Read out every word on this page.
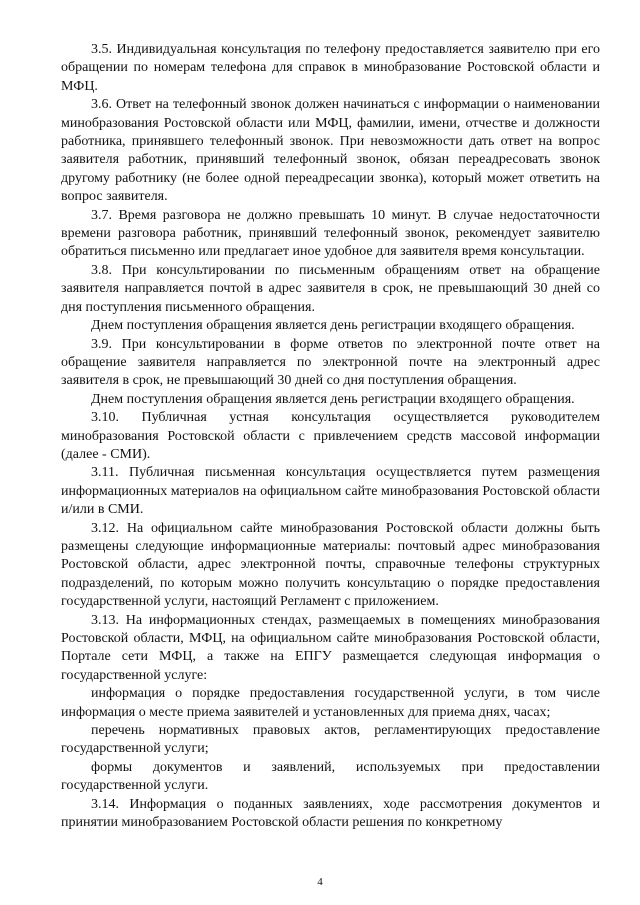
3.5. Индивидуальная консультация по телефону предоставляется заявителю при его обращении по номерам телефона для справок в минобразование Ростовской области и МФЦ.

3.6. Ответ на телефонный звонок должен начинаться с информации о наименовании минобразования Ростовской области или МФЦ, фамилии, имени, отчестве и должности работника, принявшего телефонный звонок. При невозможности дать ответ на вопрос заявителя работник, принявший телефонный звонок, обязан переадресовать звонок другому работнику (не более одной переадресации звонка), который может ответить на вопрос заявителя.

3.7. Время разговора не должно превышать 10 минут. В случае недостаточности времени разговора работник, принявший телефонный звонок, рекомендует заявителю обратиться письменно или предлагает иное удобное для заявителя время консультации.

3.8. При консультировании по письменным обращениям ответ на обращение заявителя направляется почтой в адрес заявителя в срок, не превышающий 30 дней со дня поступления письменного обращения.

Днем поступления обращения является день регистрации входящего обращения.

3.9. При консультировании в форме ответов по электронной почте ответ на обращение заявителя направляется по электронной почте на электронный адрес заявителя в срок, не превышающий 30 дней со дня поступления обращения.

Днем поступления обращения является день регистрации входящего обращения.

3.10. Публичная устная консультация осуществляется руководителем минобразования Ростовской области с привлечением средств массовой информации (далее - СМИ).

3.11. Публичная письменная консультация осуществляется путем размещения информационных материалов на официальном сайте минобразования Ростовской области и/или в СМИ.

3.12. На официальном сайте минобразования Ростовской области должны быть размещены следующие информационные материалы: почтовый адрес минобразования Ростовской области, адрес электронной почты, справочные телефоны структурных подразделений, по которым можно получить консультацию о порядке предоставления государственной услуги, настоящий Регламент с приложением.

3.13. На информационных стендах, размещаемых в помещениях минобразования Ростовской области, МФЦ, на официальном сайте минобразования Ростовской области, Портале сети МФЦ, а также на ЕПГУ размещается следующая информация о государственной услуге:

информация о порядке предоставления государственной услуги, в том числе информация о месте приема заявителей и установленных для приема днях, часах;

перечень нормативных правовых актов, регламентирующих предоставление государственной услуги;

формы документов и заявлений, используемых при предоставлении государственной услуги.

3.14. Информация о поданных заявлениях, ходе рассмотрения документов и принятии минобразованием Ростовской области решения по конкретному

4
